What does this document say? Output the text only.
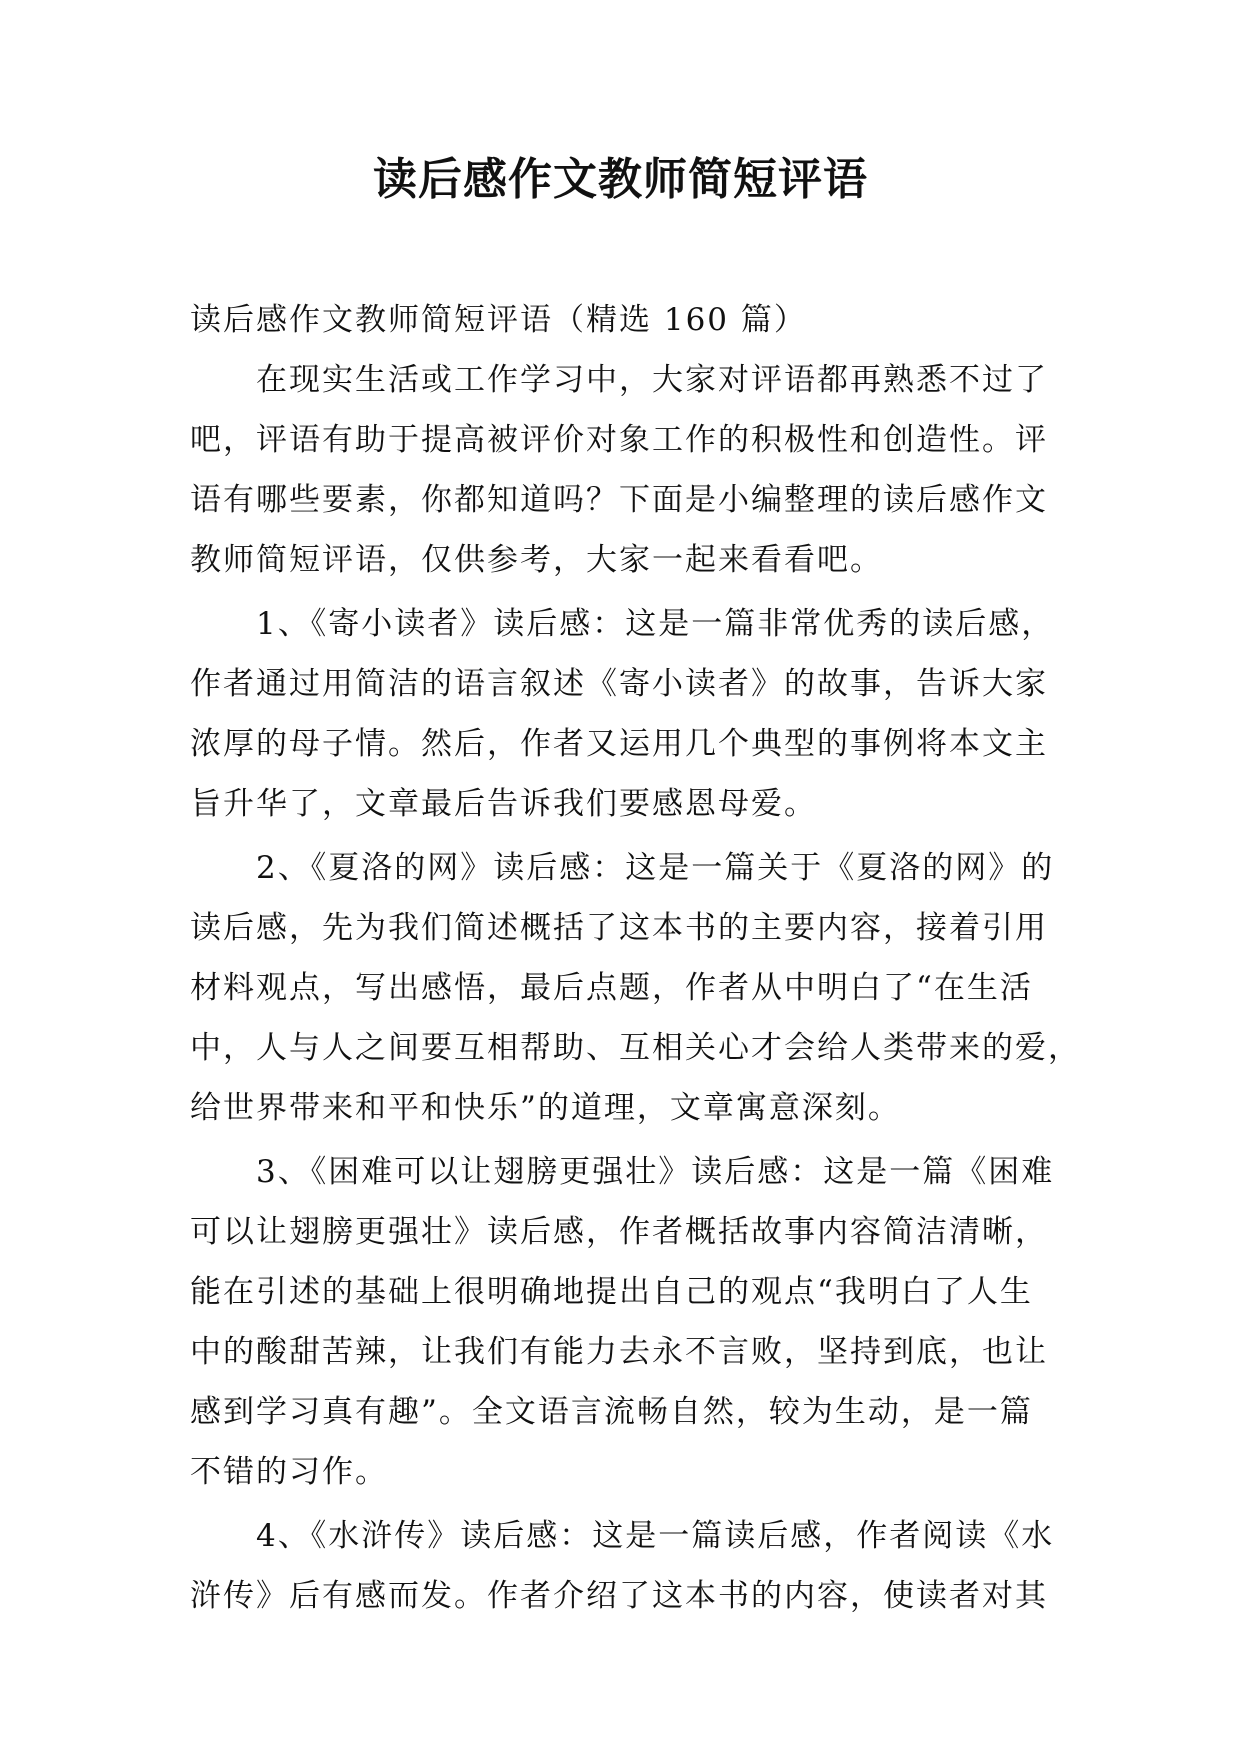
读后感作文教师简短评语
读后感作文教师简短评语（精选 160 篇）
　　在现实生活或工作学习中，大家对评语都再熟悉不过了
吧，评语有助于提高被评价对象工作的积极性和创造性。评
语有哪些要素，你都知道吗？下面是小编整理的读后感作文
教师简短评语，仅供参考，大家一起来看看吧。
　　1、《寄小读者》读后感：这是一篇非常优秀的读后感，
作者通过用简洁的语言叙述《寄小读者》的故事，告诉大家
浓厚的母子情。然后，作者又运用几个典型的事例将本文主
旨升华了，文章最后告诉我们要感恩母爱。
　　2、《夏洛的网》读后感：这是一篇关于《夏洛的网》的
读后感，先为我们简述概括了这本书的主要内容，接着引用
材料观点，写出感悟，最后点题，作者从中明白了“在生活
中，人与人之间要互相帮助、互相关心才会给人类带来的爱，
给世界带来和平和快乐”的道理，文章寓意深刻。
　　3、《困难可以让翅膀更强壮》读后感：这是一篇《困难
可以让翅膀更强壮》读后感，作者概括故事内容简洁清晰，
能在引述的基础上很明确地提出自己的观点“我明白了人生
中的酸甜苦辣，让我们有能力去永不言败，坚持到底，也让
感到学习真有趣”。全文语言流畅自然，较为生动，是一篇
不错的习作。
　　4、《水浒传》读后感：这是一篇读后感，作者阅读《水
浒传》后有感而发。作者介绍了这本书的内容，使读者对其
